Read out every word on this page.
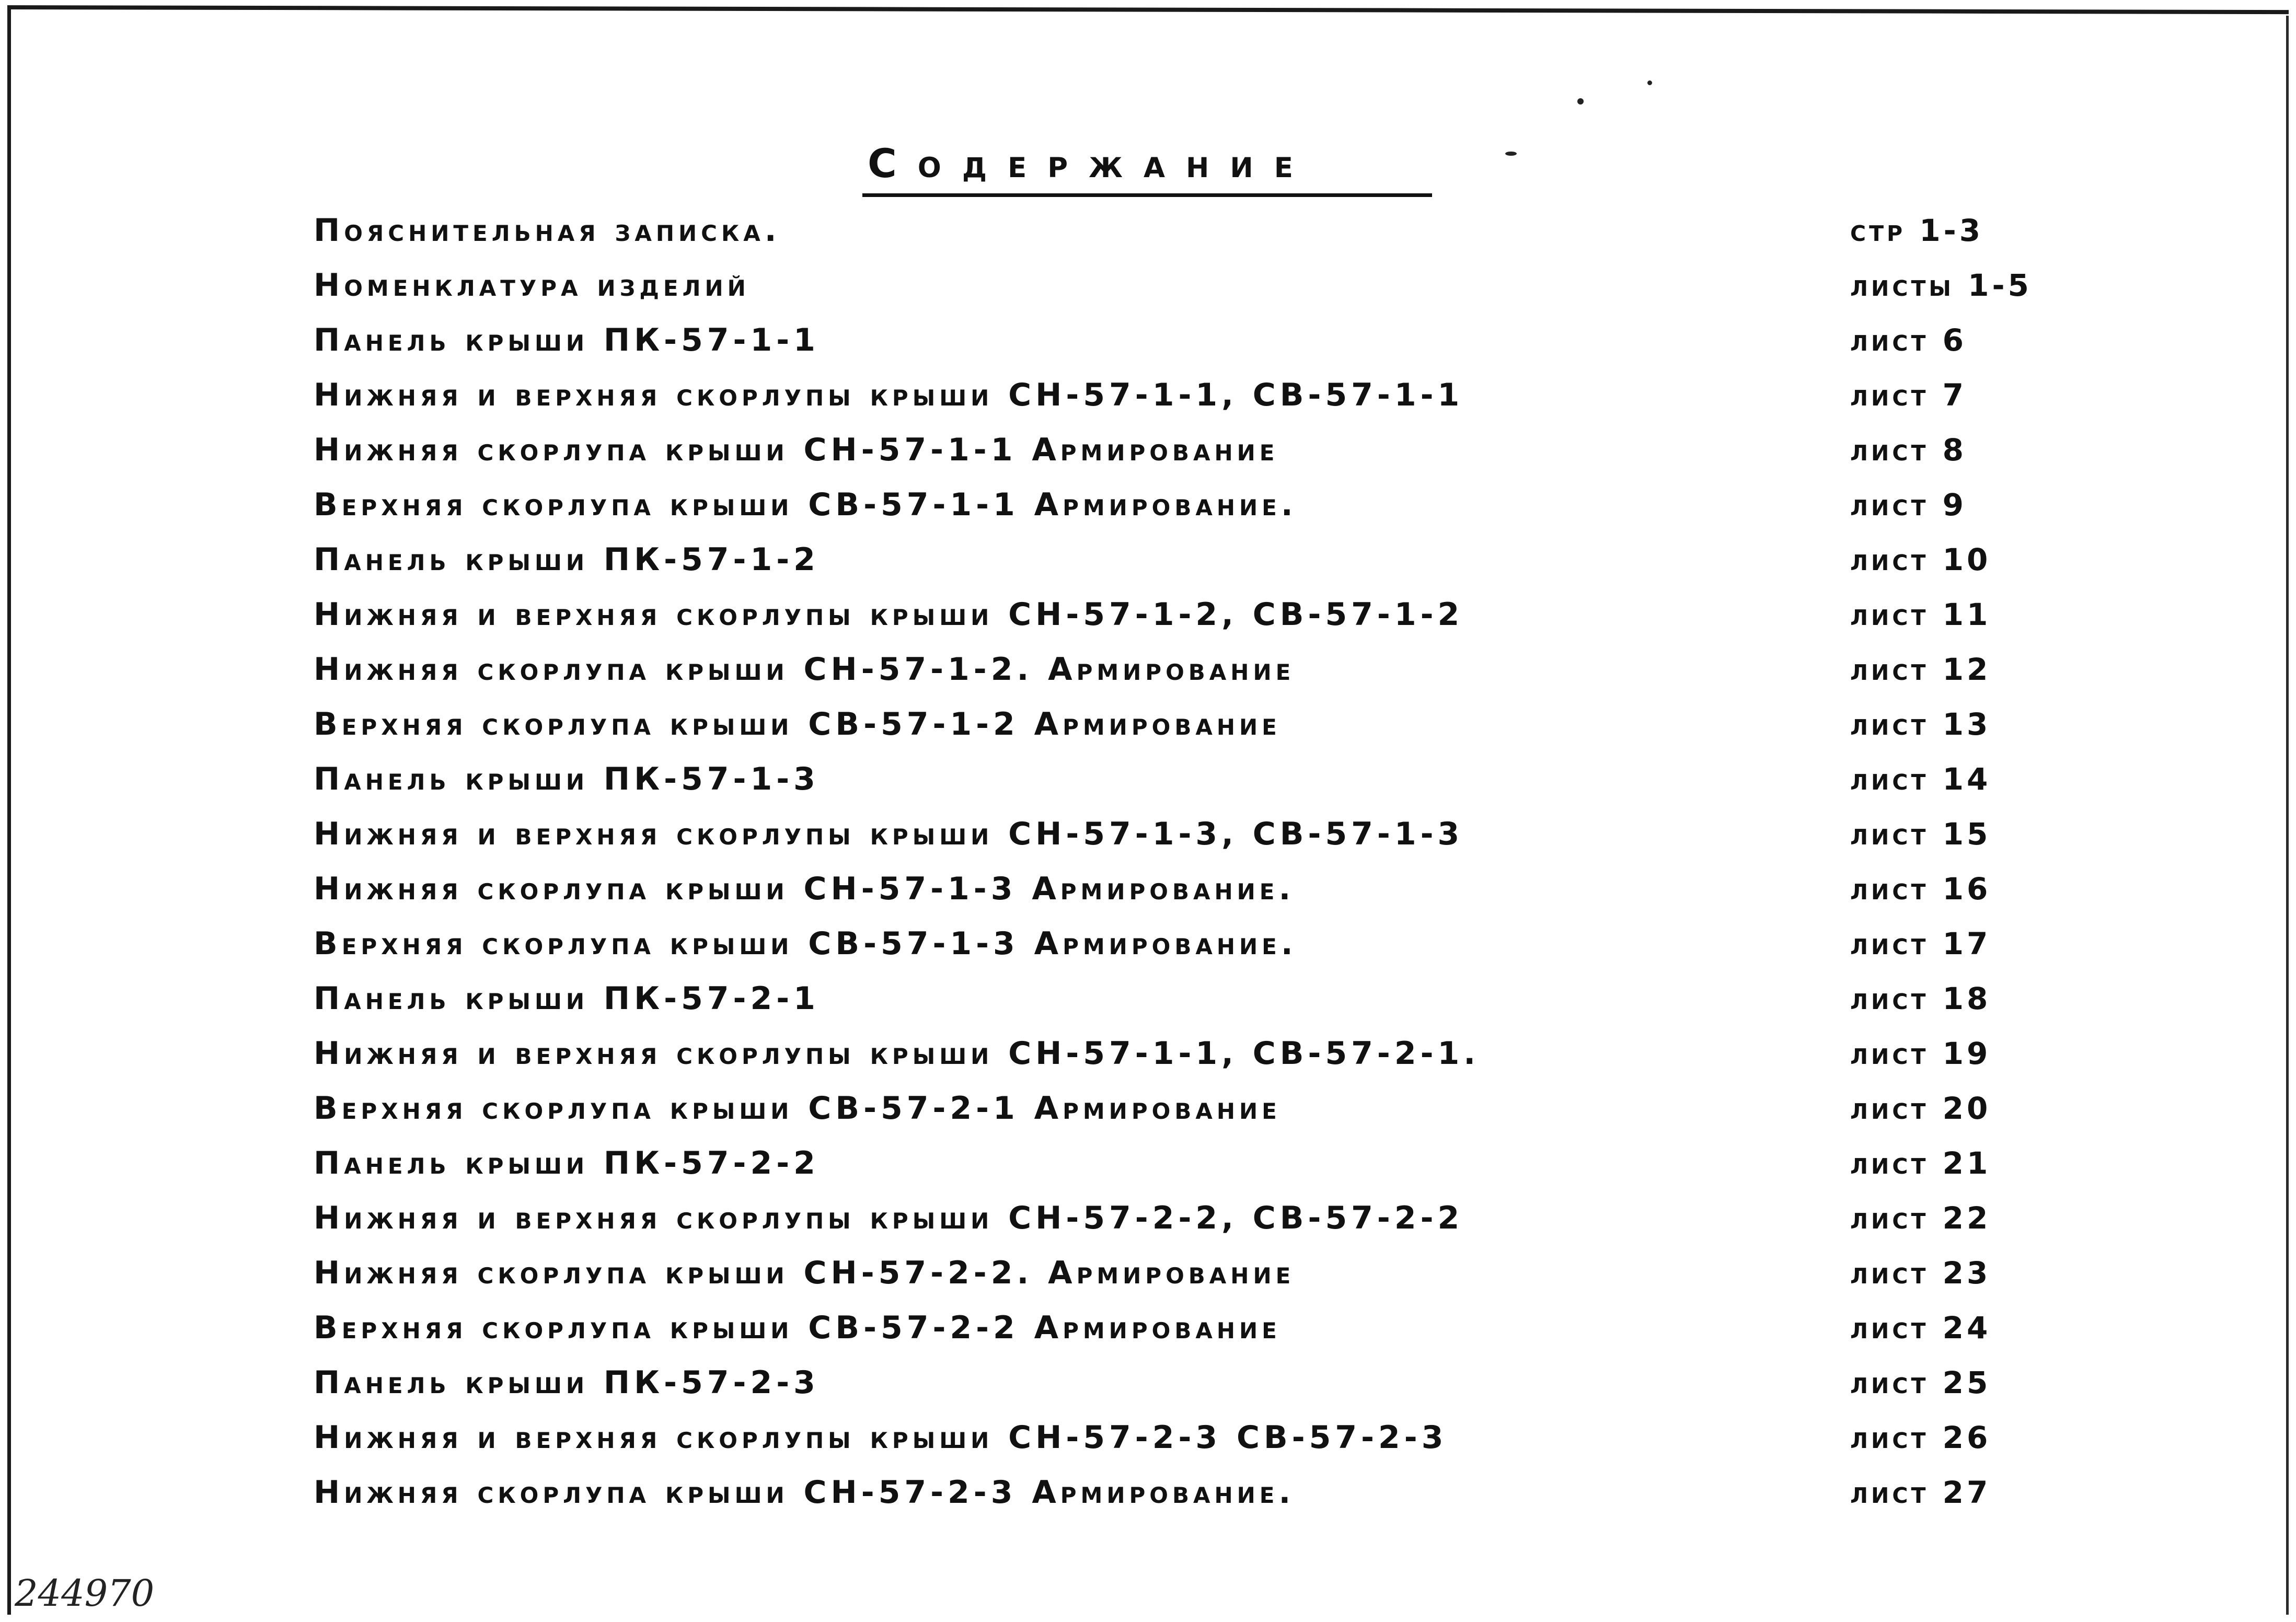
Содержание
Пояснительная записка.	стр 1-3
Номенклатура изделий	листы 1-5
Панель крыши ПК-57-1-1	лист 6
Нижняя и верхняя скорлупы крыши СН-57-1-1, СВ-57-1-1	лист 7
Нижняя скорлупа крыши СН-57-1-1 Армирование	лист 8
Верхняя скорлупа крыши СВ-57-1-1 Армирование.	лист 9
Панель крыши ПК-57-1-2	лист 10
Нижняя и верхняя скорлупы крыши СН-57-1-2, СВ-57-1-2	лист 11
Нижняя скорлупа крыши СН-57-1-2. Армирование	лист 12
Верхняя скорлупа крыши СВ-57-1-2 Армирование	лист 13
Панель крыши ПК-57-1-3	лист 14
Нижняя и верхняя скорлупы крыши СН-57-1-3, СВ-57-1-3	лист 15
Нижняя скорлупа крыши СН-57-1-3 Армирование.	лист 16
Верхняя скорлупа крыши СВ-57-1-3 Армирование.	лист 17
Панель крыши ПК-57-2-1	лист 18
Нижняя и верхняя скорлупы крыши СН-57-1-1, СВ-57-2-1.	лист 19
Верхняя скорлупа крыши СВ-57-2-1 Армирование	лист 20
Панель крыши ПК-57-2-2	лист 21
Нижняя и верхняя скорлупы крыши СН-57-2-2, СВ-57-2-2	лист 22
Нижняя скорлупа крыши СН-57-2-2. Армирование	лист 23
Верхняя скорлупа крыши СВ-57-2-2 Армирование	лист 24
Панель крыши ПК-57-2-3	лист 25
Нижняя и верхняя скорлупы крыши СН-57-2-3 СВ-57-2-3	лист 26
Нижняя скорлупа крыши СН-57-2-3 Армирование.	лист 27
244970
